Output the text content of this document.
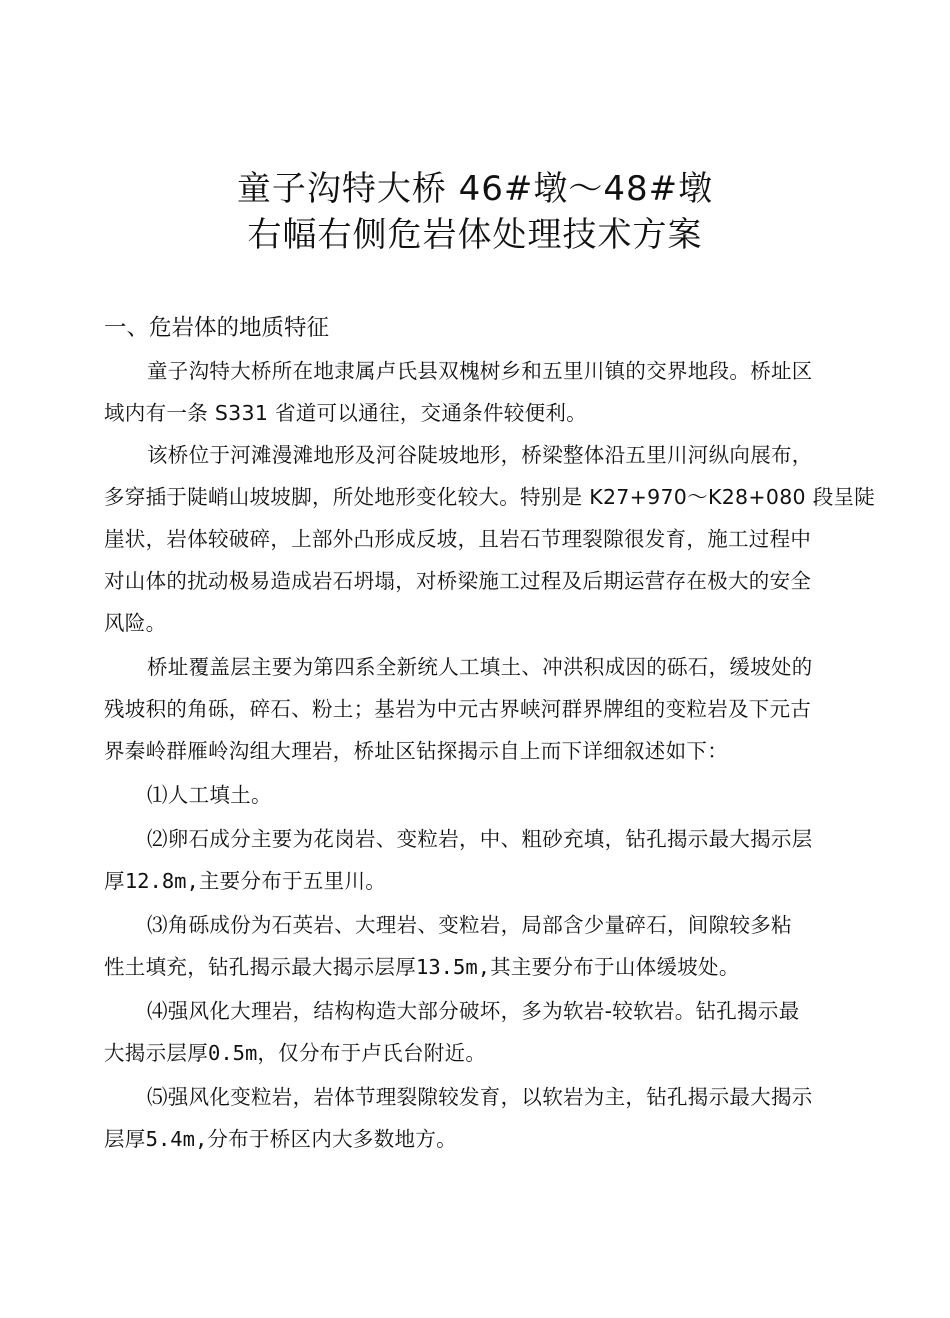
童子沟特大桥 46#墩～48#墩
右幅右侧危岩体处理技术方案
一、危岩体的地质特征
童子沟特大桥所在地隶属卢氏县双槐树乡和五里川镇的交界地段。桥址区
域内有一条 S331 省道可以通往，交通条件较便利。
该桥位于河滩漫滩地形及河谷陡坡地形，桥梁整体沿五里川河纵向展布，
多穿插于陡峭山坡坡脚，所处地形变化较大。特别是 K27+970～K28+080 段呈陡
崖状，岩体较破碎，上部外凸形成反坡，且岩石节理裂隙很发育，施工过程中
对山体的扰动极易造成岩石坍塌，对桥梁施工过程及后期运营存在极大的安全
风险。
桥址覆盖层主要为第四系全新统人工填土、冲洪积成因的砾石，缓坡处的
残坡积的角砾，碎石、粉土；基岩为中元古界峡河群界牌组的变粒岩及下元古
界秦岭群雁岭沟组大理岩，桥址区钻探揭示自上而下详细叙述如下：
⑴人工填土。
⑵卵石成分主要为花岗岩、变粒岩，中、粗砂充填，钻孔揭示最大揭示层
厚12.8m,主要分布于五里川。
⑶角砾成份为石英岩、大理岩、变粒岩，局部含少量碎石，间隙较多粘
性土填充，钻孔揭示最大揭示层厚13.5m,其主要分布于山体缓坡处。
⑷强风化大理岩，结构构造大部分破坏，多为软岩-较软岩。钻孔揭示最
大揭示层厚0.5m，仅分布于卢氏台附近。
⑸强风化变粒岩，岩体节理裂隙较发育，以软岩为主，钻孔揭示最大揭示
层厚5.4m,分布于桥区内大多数地方。
